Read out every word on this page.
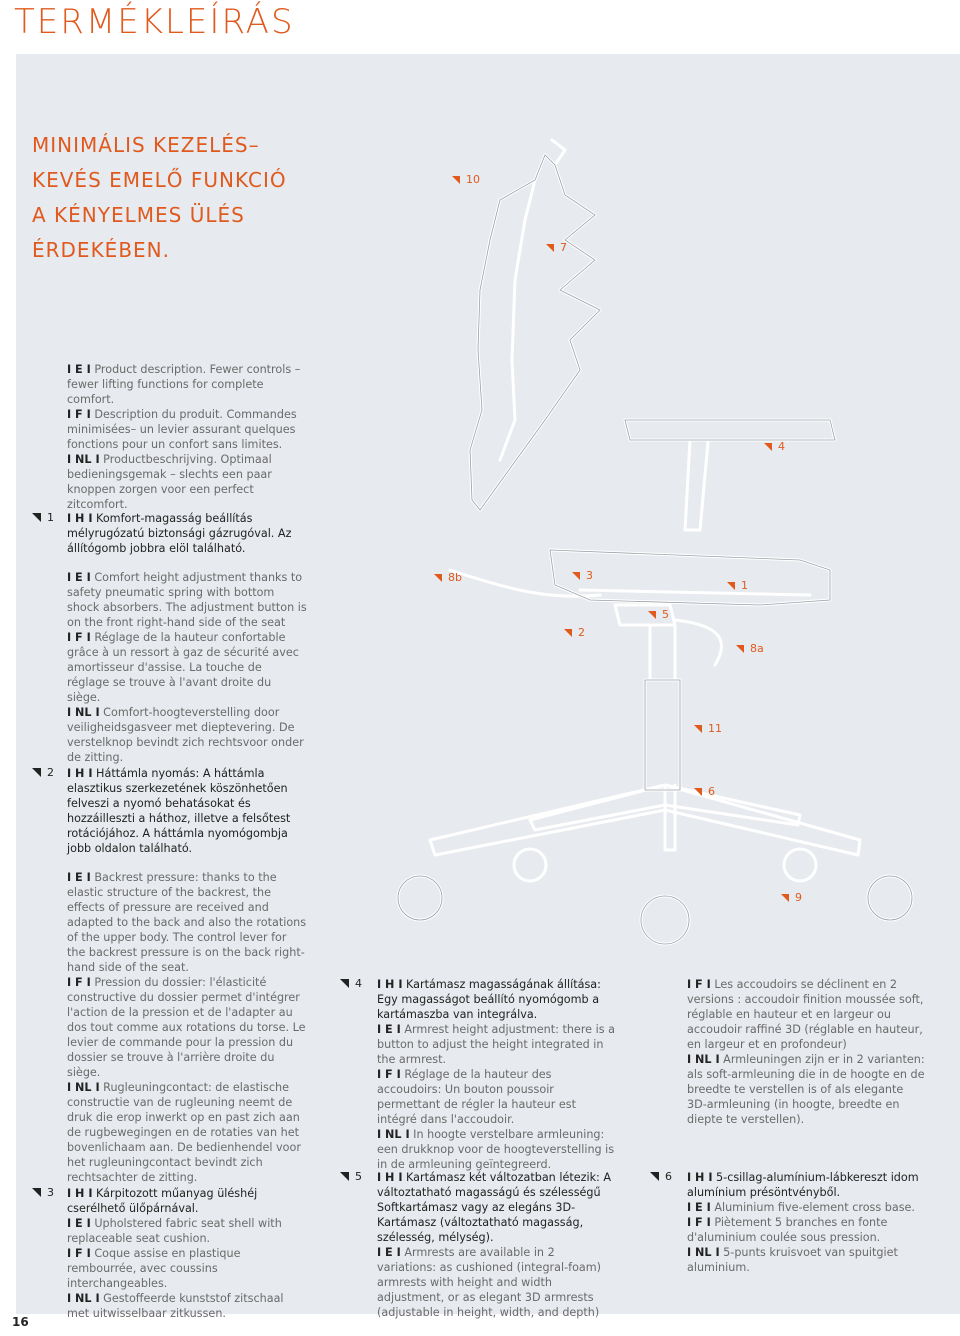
TERMÉKLEÍRÁS
MINIMÁLIS KEZELÉS–
KEVÉS EMELŐ FUNKCIÓ
A KÉNYELMES ÜLÉS
ÉRDEKÉBEN.

I E I Product description. Fewer controls – fewer lifting functions for complete comfort.

I F I Description du produit. Commandes minimisées– un levier assurant quelques fonctions pour un confort sans limites.

I NL I Productbeschrijving. Optimaal bedieningsgemak – slechts een paar knoppen zorgen voor een perfect zitcomfort.

1 I H I Komfort-magasság beállítás mélyrugózatú biztonsági gázrugóval. Az állítógomb jobbra elöl található.

I E I Comfort height adjustment thanks to safety pneumatic spring with bottom shock absorbers. The adjustment button is on the front right-hand side of the seat

I F I Réglage de la hauteur confortable grâce à un ressort à gaz de sécurité avec amortisseur d'assise. La touche de réglage se trouve à l'avant droite du siège.

I NL I Comfort-hoogteverstelling door veiligheidsgasveer met dieptevering. De verstelknop bevindt zich rechtsvoor onder de zitting.

2 I H I Háttámla nyomás: A háttámla elasztikus szerkezetének köszönhetően felveszi a nyomó behatásokat és hozzáilleszti a háthoz, illetve a felsőtest rotációjához. A háttámla nyomógombja jobb oldalon található.

I E I Backrest pressure: thanks to the elastic structure of the backrest, the effects of pressure are received and adapted to the back and also the rotations of the upper body. The control lever for the backrest pressure is on the back right-hand side of the seat.

I F I Pression du dossier: l'élasticité constructive du dossier permet d'intégrer l'action de la pression et de l'adapter au dos tout comme aux rotations du torse. Le levier de commande pour la pression du dossier se trouve à l'arrière droite du siège.

I NL I Rugleuningcontact: de elastische constructie van de rugleuning neemt de druk die erop inwerkt op en past zich aan de rugbewegingen en de rotaties van het bovenlichaam aan. De bedienhendel voor het rugleuningcontact bevindt zich rechtsachter de zitting.

3 I H I Kárpitozott műanyag üléshéj cserélhető ülőpárnával.

I E I Upholstered fabric seat shell with replaceable seat cushion.

I F I Coque assise en plastique rembourrée, avec coussins interchangeables.

I NL I Gestoffeerde kunststof zitschaal met uitwisselbaar zitkussen.

4 I H I Kartámasz magasságának állítása: Egy magasságot beállító nyomógomb a kartámaszba van integrálva.

I E I Armrest height adjustment: there is a button to adjust the height integrated in the armrest.

I F I Réglage de la hauteur des accoudoirs: Un bouton poussoir permettant de régler la hauteur est intégré dans l'accoudoir.

I NL I In hoogte verstelbare armleuning: een drukknop voor de hoogteverstelling is in de armleuning geïntegreerd.

I F I Les accoudoirs se déclinent en 2 versions : accoudoir finition moussée soft, réglable en hauteur et en largeur ou accoudoir raffiné 3D (réglable en hauteur, en largeur et en profondeur)

I NL I Armleuningen zijn er in 2 varianten: als soft-armleuning die in de hoogte en de breedte te verstellen is of als elegante 3D-armleuning (in hoogte, breedte en diepte te verstellen).

5 I H I Kartámasz két változatban létezik: A változtatható magasságú és szélességű Softkartámasz vagy az elegáns 3D-Kartámasz (változtatható magasság, szélesség, mélység).

I E I Armrests are available in 2 variations: as cushioned (integral-foam) armrests with height and width adjustment, or as elegant 3D armrests (adjustable in height, width, and depth)

6 I H I 5-csillag-alumínium-lábkereszt idom alumínium présöntvényből.

I E I Aluminium five-element cross base.

I F I Piètement 5 branches en fonte d'aluminium coulée sous pression.

I NL I 5-punts kruisvoet van spuitgiet aluminium.

10
7
4
8b	3
1
5
2
8a
11
6
9
16
